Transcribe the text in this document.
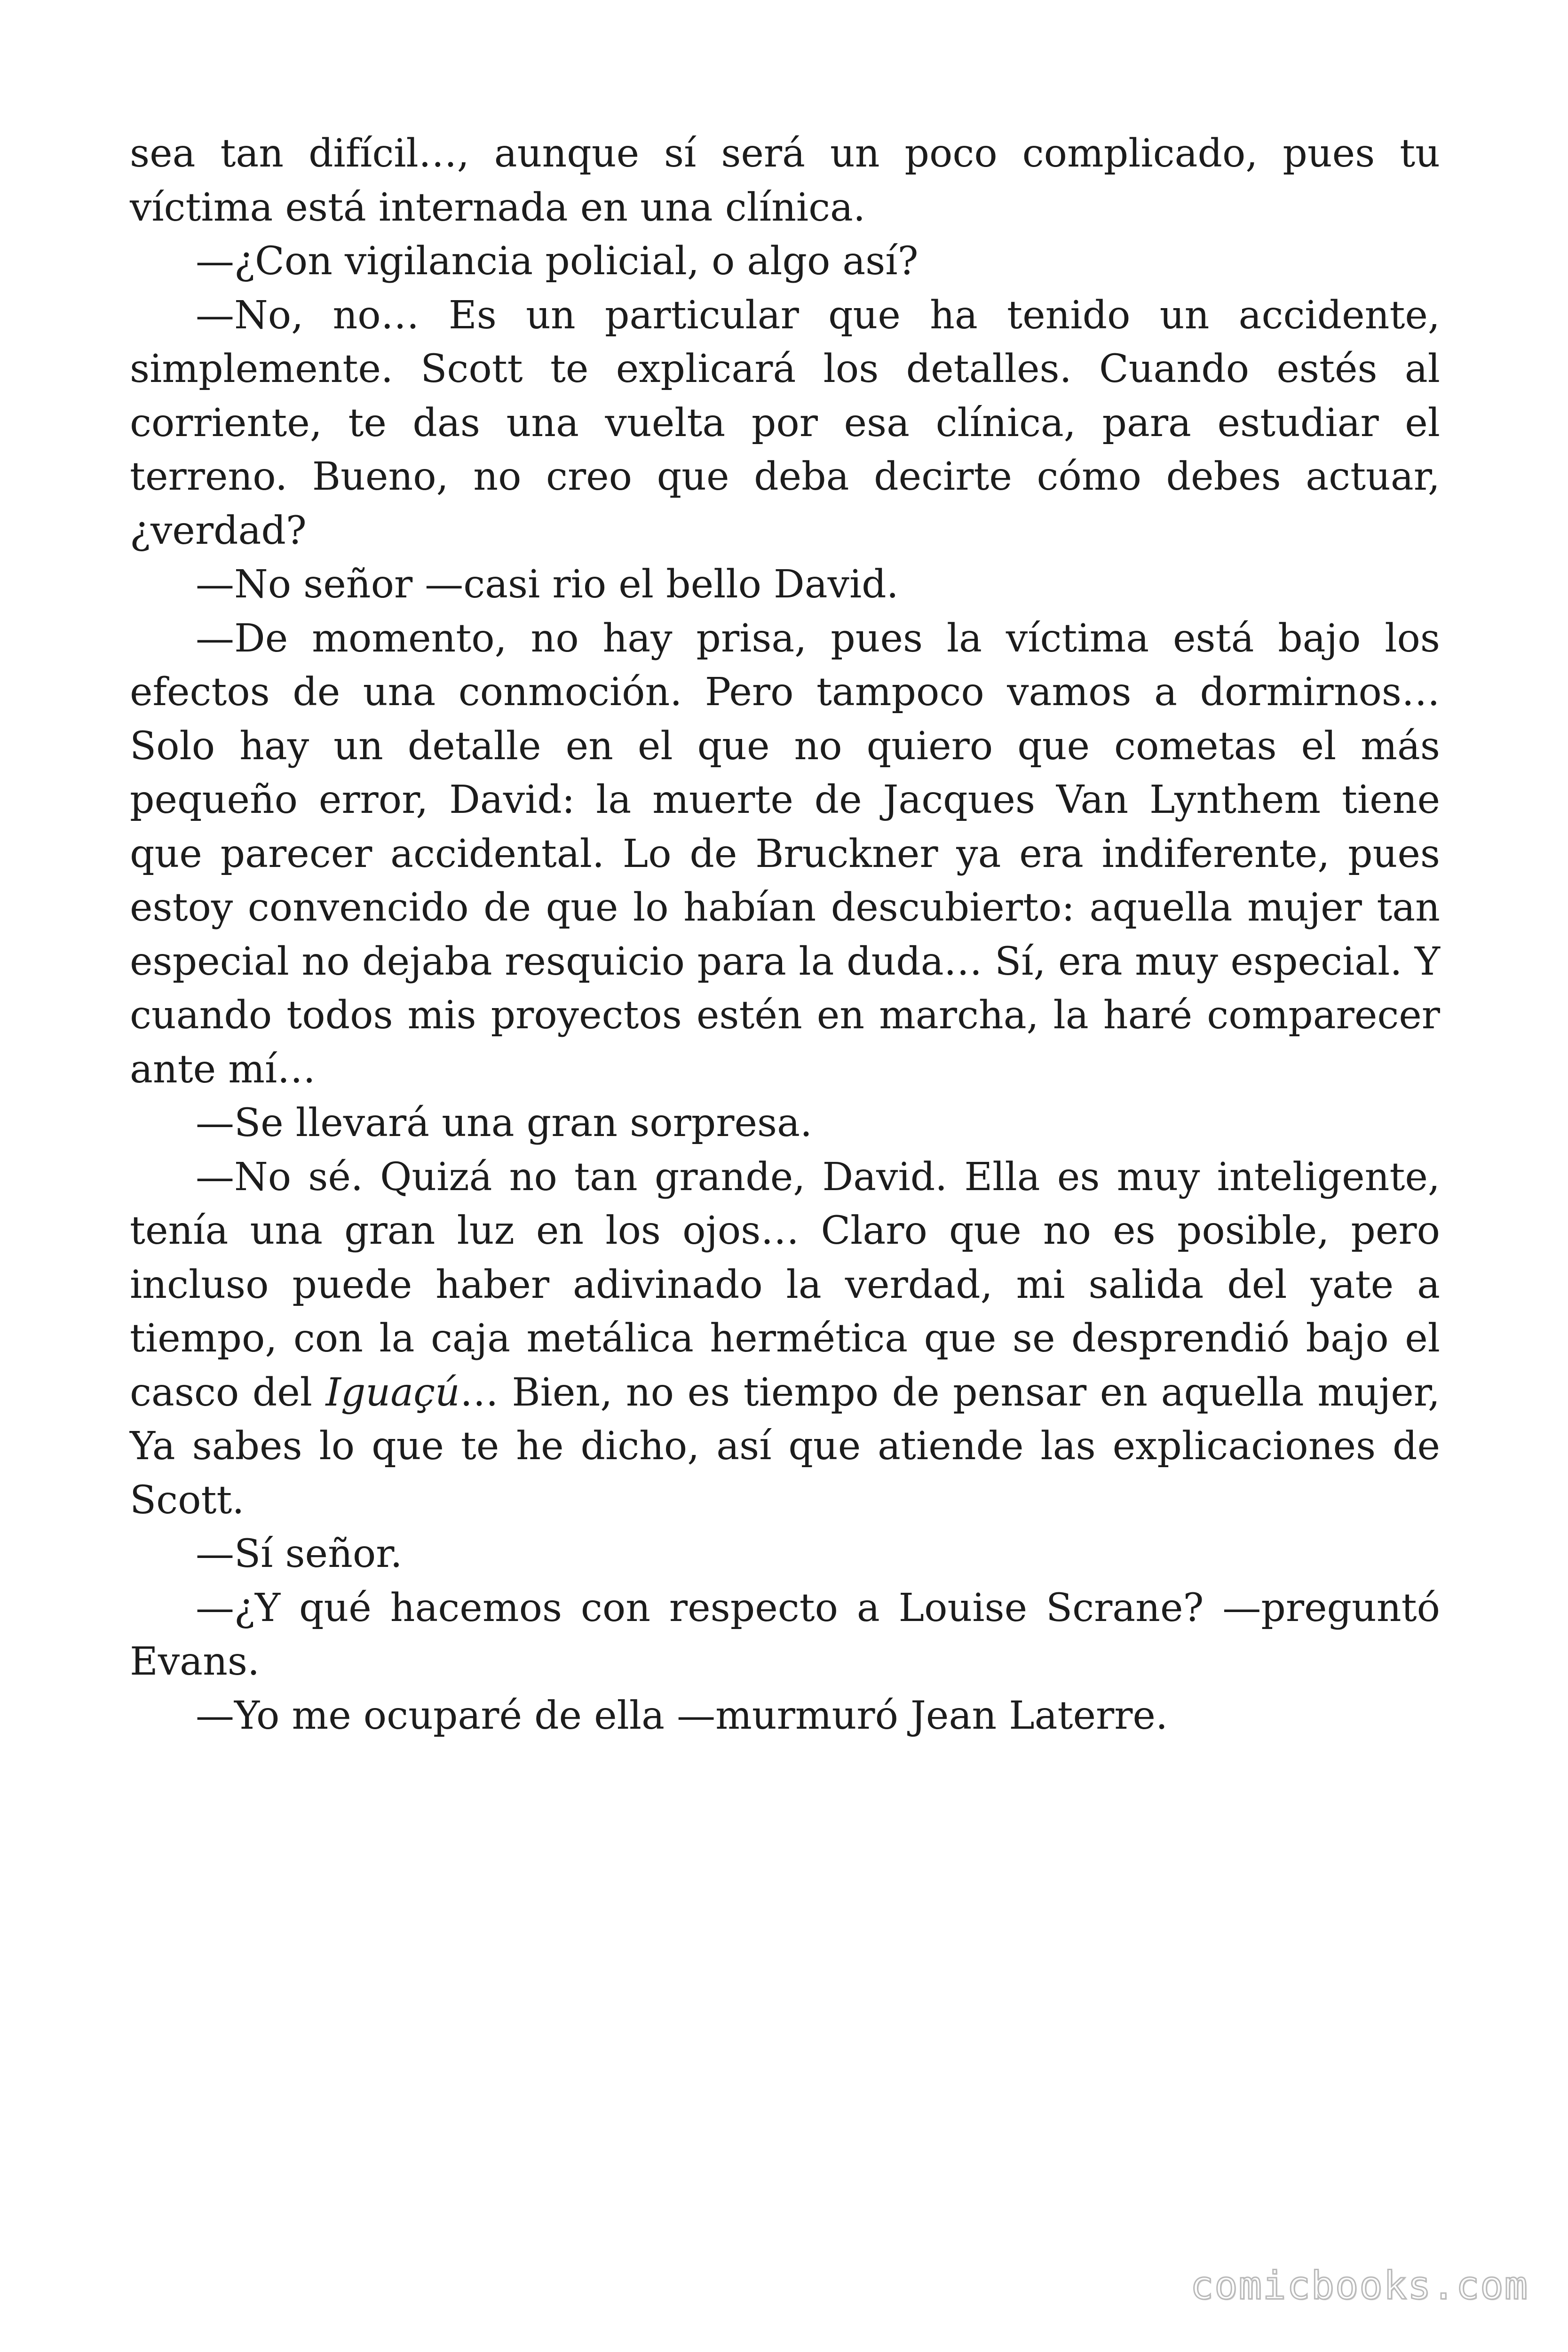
sea tan difícil…, aunque sí será un poco complicado, pues tu víctima está internada en una clínica.

—¿Con vigilancia policial, o algo así?

—No, no… Es un particular que ha tenido un accidente, simplemente. Scott te explicará los detalles. Cuando estés al corriente, te das una vuelta por esa clínica, para estudiar el terreno. Bueno, no creo que deba decirte cómo debes actuar, ¿verdad?

—No señor —casi rio el bello David.

—De momento, no hay prisa, pues la víctima está bajo los efectos de una conmoción. Pero tampoco vamos a dormirnos… Solo hay un detalle en el que no quiero que cometas el más pequeño error, David: la muerte de Jacques Van Lynthem tiene que parecer accidental. Lo de Bruckner ya era indiferente, pues estoy convencido de que lo habían descubierto: aquella mujer tan especial no dejaba resquicio para la duda… Sí, era muy especial. Y cuando todos mis proyectos estén en marcha, la haré comparecer ante mí…

—Se llevará una gran sorpresa.

—No sé. Quizá no tan grande, David. Ella es muy inteligente, tenía una gran luz en los ojos… Claro que no es posible, pero incluso puede haber adivinado la verdad, mi salida del yate a tiempo, con la caja metálica hermética que se desprendió bajo el casco del Iguaçú… Bien, no es tiempo de pensar en aquella mujer, Ya sabes lo que te he dicho, así que atiende las explicaciones de Scott.

—Sí señor.

—¿Y qué hacemos con respecto a Louise Scrane? —preguntó Evans.

—Yo me ocuparé de ella —murmuró Jean Laterre.

comicbooks.com
